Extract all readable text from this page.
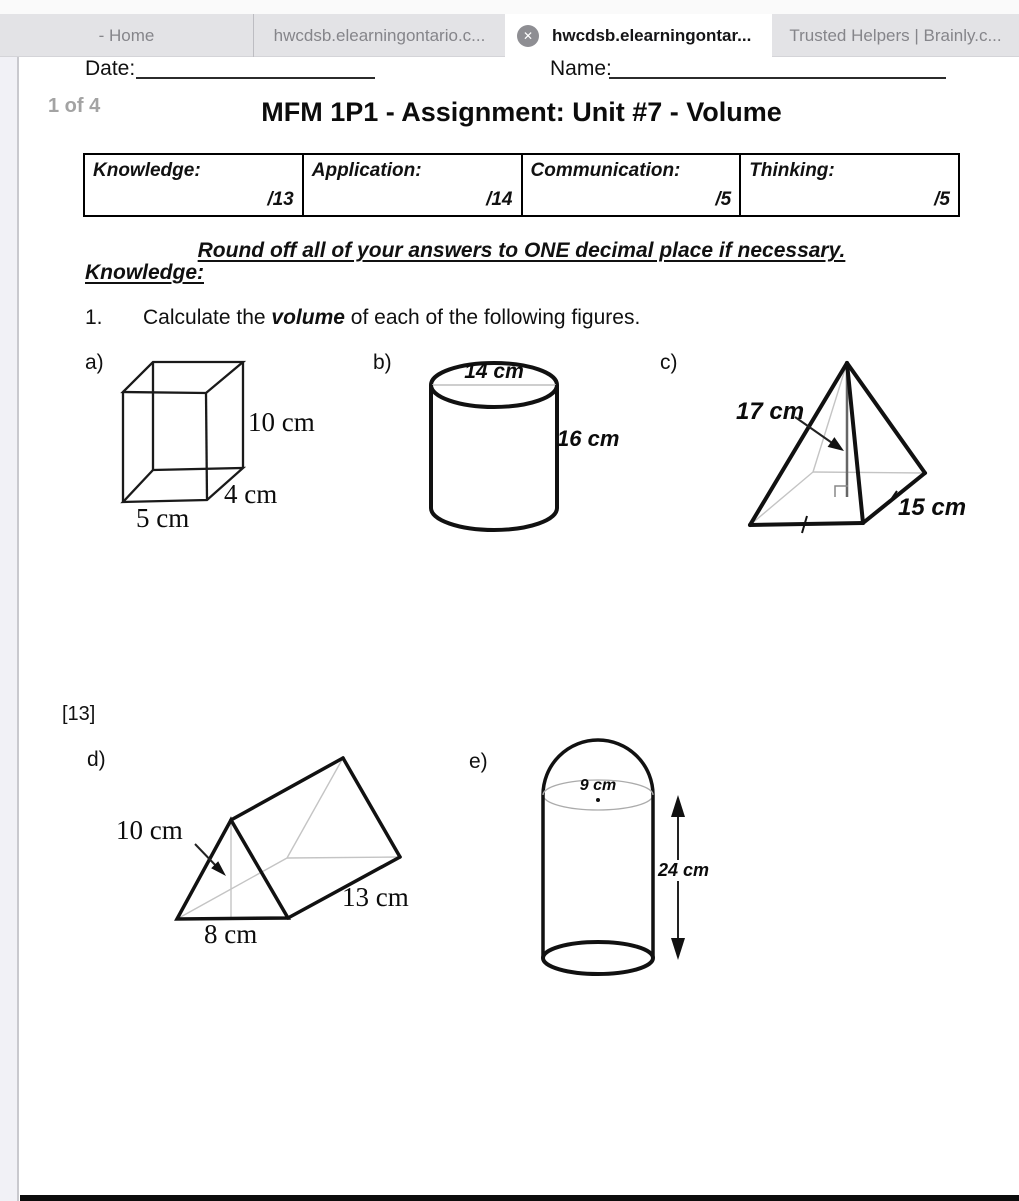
- Home	hwcdsb.elearningontario.c...	✕	hwcdsb.elearningontar...	Trusted Helpers | Brainly.c...
Date:	Name:
1 of 4	MFM 1P1 - Assignment: Unit #7 - Volume
Knowledge:
/13
Application:
/14
Communication:
/5
Thinking:
/5
Round off all of your answers to ONE decimal place if necessary.
Knowledge:
1. Calculate the volume of each of the following figures.
a)	b)	c)
10 cm
4 cm
5 cm
14 cm
16 cm
17 cm
15 cm
[13]
d)	e)
10 cm
13 cm
8 cm
9 cm
24 cm
